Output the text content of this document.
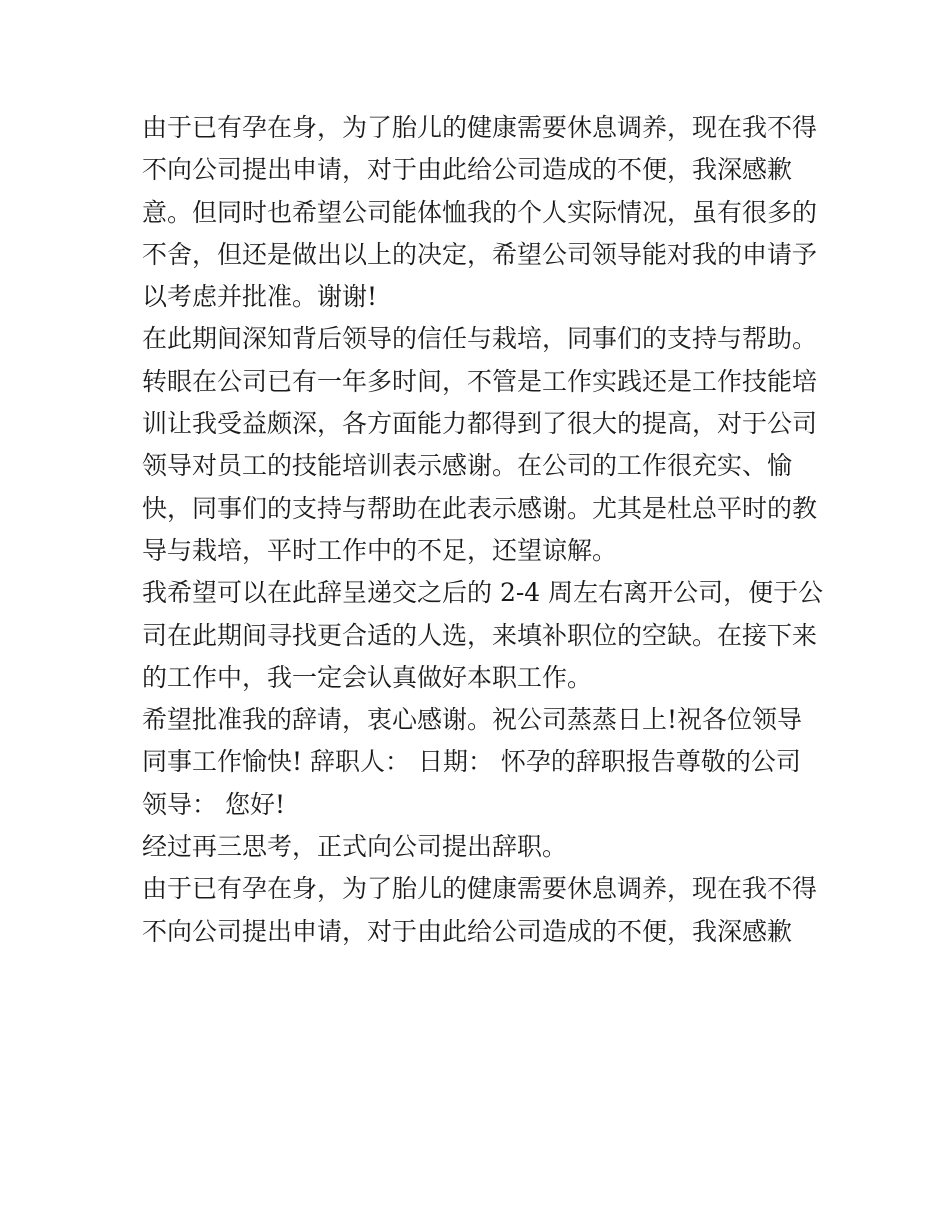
由于已有孕在身，为了胎儿的健康需要休息调养，现在我不得
不向公司提出申请，对于由此给公司造成的不便，我深感歉
意。但同时也希望公司能体恤我的个人实际情况，虽有很多的
不舍，但还是做出以上的决定，希望公司领导能对我的申请予
以考虑并批准。谢谢!
在此期间深知背后领导的信任与栽培，同事们的支持与帮助。
转眼在公司已有一年多时间，不管是工作实践还是工作技能培
训让我受益颇深，各方面能力都得到了很大的提高，对于公司
领导对员工的技能培训表示感谢。在公司的工作很充实、愉
快，同事们的支持与帮助在此表示感谢。尤其是杜总平时的教
导与栽培，平时工作中的不足，还望谅解。
我希望可以在此辞呈递交之后的 2-4 周左右离开公司，便于公
司在此期间寻找更合适的人选，来填补职位的空缺。在接下来
的工作中，我一定会认真做好本职工作。
希望批准我的辞请，衷心感谢。祝公司蒸蒸日上!祝各位领导
同事工作愉快! 辞职人： 日期： 怀孕的辞职报告尊敬的公司
领导： 您好!
经过再三思考，正式向公司提出辞职。
由于已有孕在身，为了胎儿的健康需要休息调养，现在我不得
不向公司提出申请，对于由此给公司造成的不便，我深感歉
